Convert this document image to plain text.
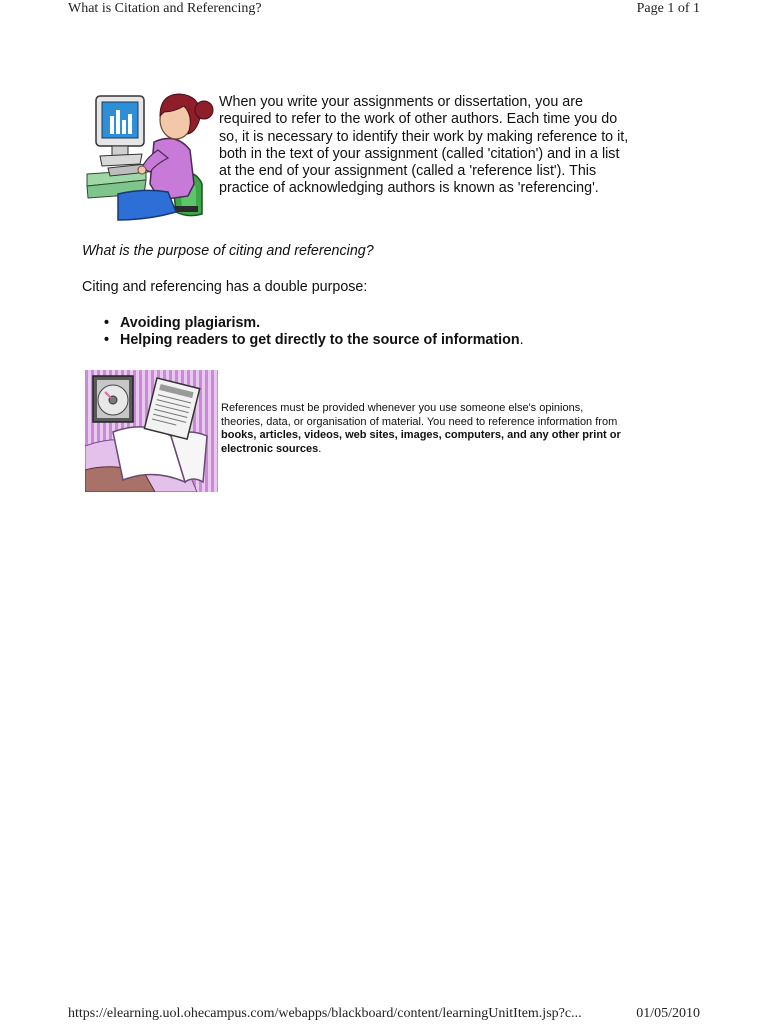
What is Citation and Referencing?	Page 1 of 1

When you write your assignments or dissertation, you are required to refer to the work of other authors. Each time you do so, it is necessary to identify their work by making reference to it, both in the text of your assignment (called 'citation') and in a list at the end of your assignment (called a 'reference list'). This practice of acknowledging authors is known as 'referencing'.

What is the purpose of citing and referencing?

Citing and referencing has a double purpose:

• Avoiding plagiarism.
• Helping readers to get directly to the source of information.

References must be provided whenever you use someone else's opinions, theories, data, or organisation of material. You need to reference information from books, articles, videos, web sites, images, computers, and any other print or electronic sources.

https://elearning.uol.ohecampus.com/webapps/blackboard/content/learningUnitItem.jsp?c...	01/05/2010
